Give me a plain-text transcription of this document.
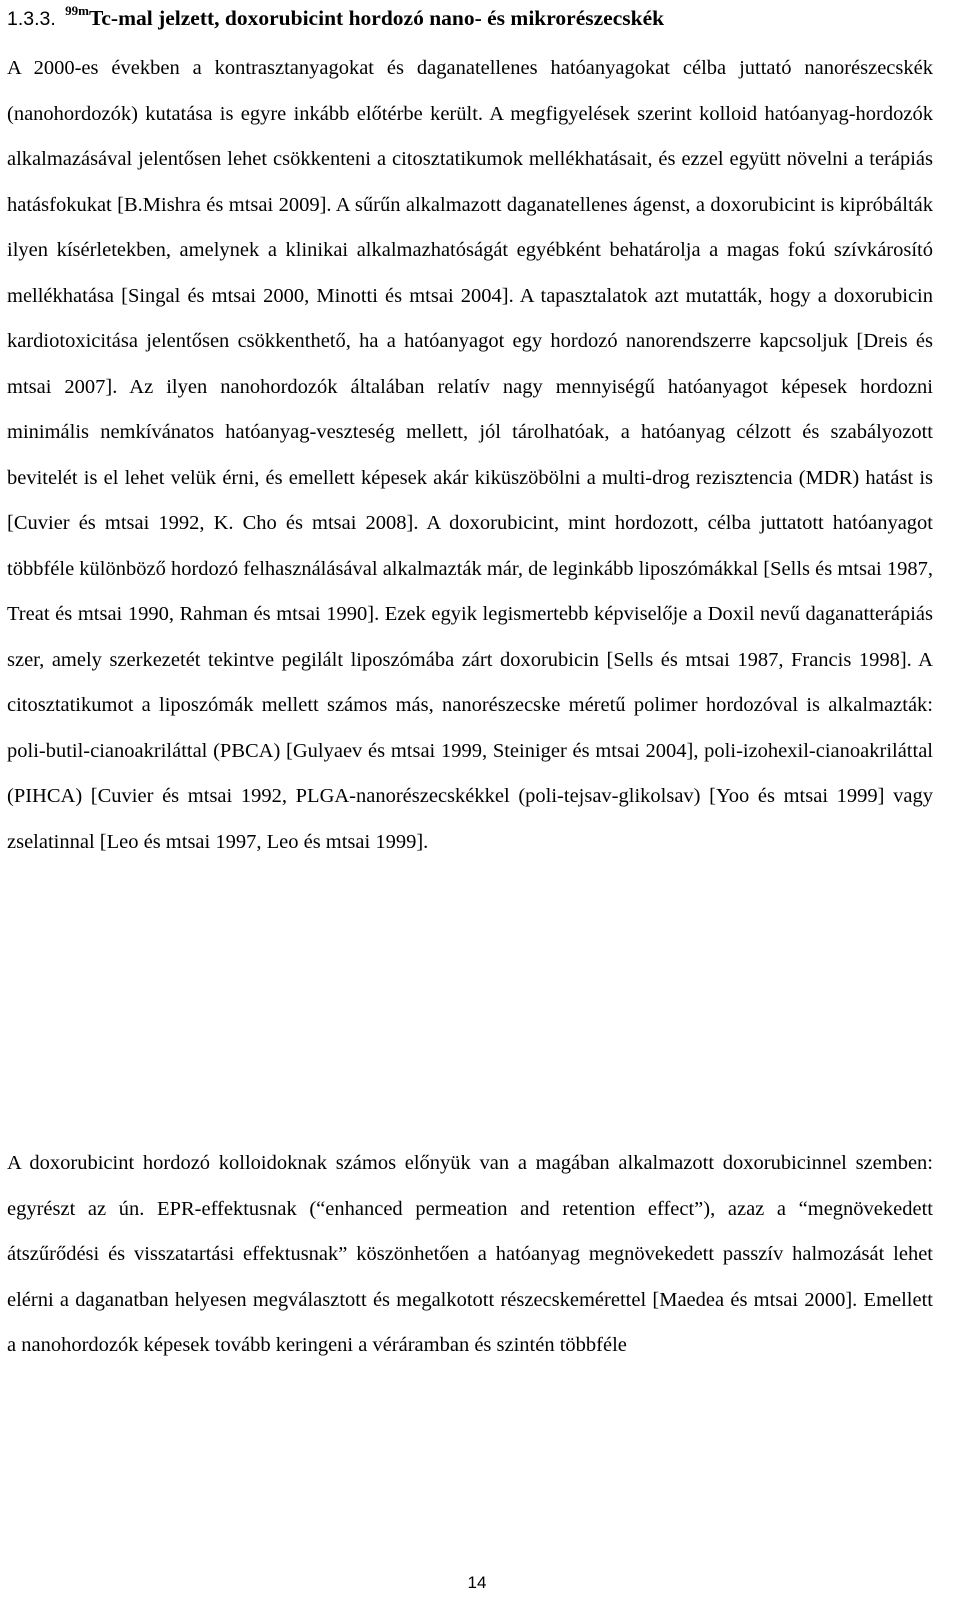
1.3.3. $^{99m}$Tc-mal jelzett, doxorubicint hordozó nano- és mikrorészecskék

A 2000-es években a kontrasztanyagokat és daganatellenes hatóanyagokat célba juttató nanorészecskék (nanohordozók) kutatása is egyre inkább előtérbe került. A megfigyelések szerint kolloid hatóanyag-hordozók alkalmazásával jelentősen lehet csökkenteni a citosztatikumok mellékhatásait, és ezzel együtt növelni a terápiás hatásfokukat [B.Mishra és mtsai 2009]. A sűrűn alkalmazott daganatellenes ágenst, a doxorubicint is kipróbálták ilyen kísérletekben, amelynek a klinikai alkalmazhatóságát egyébként behatárolja a magas fokú szívkárosító mellékhatása [Singal és mtsai 2000, Minotti és mtsai 2004]. A tapasztalatok azt mutatták, hogy a doxorubicin kardiotoxicitása jelentősen csökkenthető, ha a hatóanyagot egy hordozó nanorendszerre kapcsoljuk [Dreis és mtsai 2007]. Az ilyen nanohordozók általában relatív nagy mennyiségű hatóanyagot képesek hordozni minimális nemkívánatos hatóanyag-veszteség mellett, jól tárolhatóak, a hatóanyag célzott és szabályozott bevitelét is el lehet velük érni, és emellett képesek akár kiküszöbölni a multi-drog rezisztencia (MDR) hatást is [Cuvier és mtsai 1992, K. Cho és mtsai 2008]. A doxorubicint, mint hordozott, célba juttatott hatóanyagot többféle különböző hordozó felhasználásával alkalmazták már, de leginkább liposzómákkal [Sells és mtsai 1987, Treat és mtsai 1990, Rahman és mtsai 1990]. Ezek egyik legismertebb képviselője a Doxil nevű daganatterápiás szer, amely szerkezetét tekintve pegilált liposzómába zárt doxorubicin [Sells és mtsai 1987, Francis 1998]. A citosztatikumot a liposzómák mellett számos más, nanorészecske méretű polimer hordozóval is alkalmazták: poli-butil-cianoakriláttal (PBCA) [Gulyaev és mtsai 1999, Steiniger és mtsai 2004], poli-izohexil-cianoakriláttal (PIHCA) [Cuvier és mtsai 1992, PLGA-nanorészecskékkel (poli-tejsav-glikolsav) [Yoo és mtsai 1999] vagy zselatinnal [Leo és mtsai 1997, Leo és mtsai 1999].

A doxorubicint hordozó kolloidoknak számos előnyük van a magában alkalmazott doxorubicinnel szemben: egyrészt az ún. EPR-effektusnak (“enhanced permeation and retention effect”), azaz a “megnövekedett átszűrődési és visszatartási effektusnak” köszönhetően a hatóanyag megnövekedett passzív halmozását lehet elérni a daganatban helyesen megválasztott és megalkotott részecskemérettel [Maedea és mtsai 2000]. Emellett a nanohordozók képesek tovább keringeni a véráramban és szintén többféle

14
